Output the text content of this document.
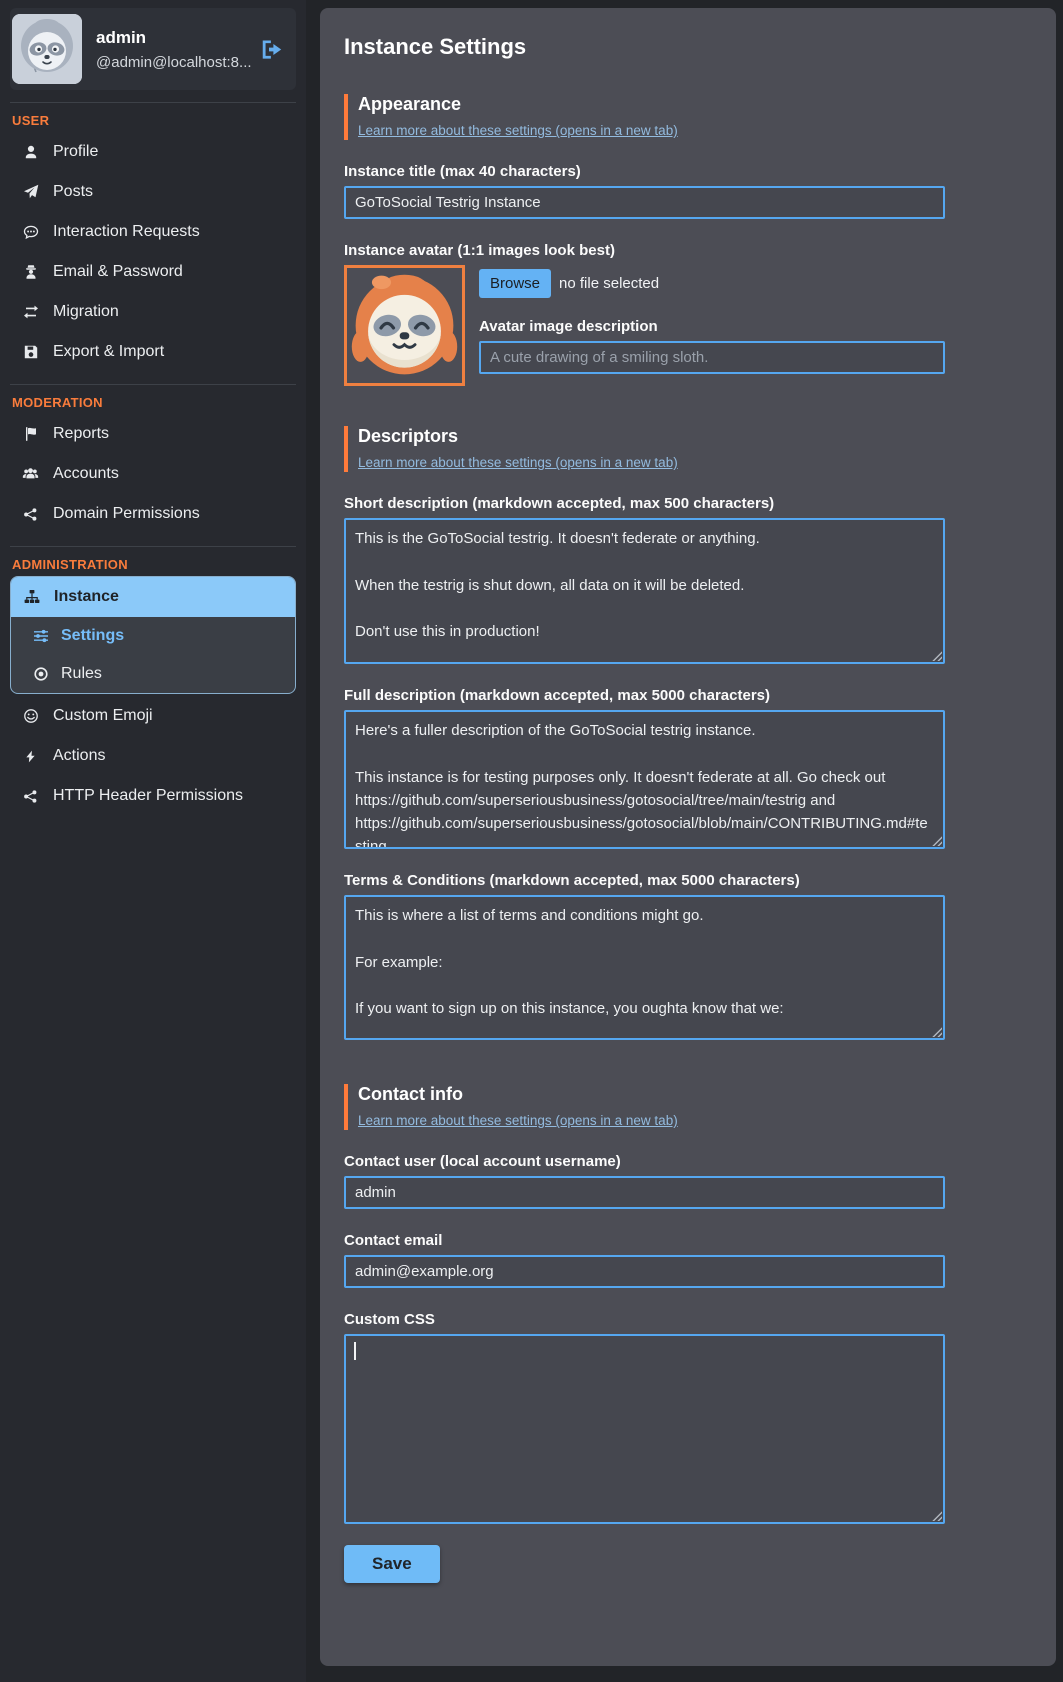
admin
@admin@localhost:8...
USER
Profile
Posts
Interaction Requests
Email & Password
Migration
Export & Import
MODERATION
Reports
Accounts
Domain Permissions
ADMINISTRATION
Instance
Settings
Rules
Custom Emoji
Actions
HTTP Header Permissions
Instance Settings
Appearance
Learn more about these settings (opens in a new tab)
Instance title (max 40 characters)
GoToSocial Testrig Instance
Instance avatar (1:1 images look best)
Browse	no file selected
Avatar image description
A cute drawing of a smiling sloth.
Descriptors
Learn more about these settings (opens in a new tab)
Short description (markdown accepted, max 500 characters)
This is the GoToSocial testrig. It doesn't federate or anything. When the testrig is shut down, all data on it will be deleted. Don't use this in production!
Full description (markdown accepted, max 5000 characters)
Here's a fuller description of the GoToSocial testrig instance. This instance is for testing purposes only. It doesn't federate at all. Go check out https://github.com/superseriousbusiness/gotosocial/tree/main/testrig and https://github.com/superseriousbusiness/gotosocial/blob/main/CONTRIBUTING.md#testing
Terms & Conditions (markdown accepted, max 5000 characters)
This is where a list of terms and conditions might go. For example: If you want to sign up on this instance, you oughta know that we:
Contact info
Learn more about these settings (opens in a new tab)
Contact user (local account username)
admin
Contact email
admin@example.org
Custom CSS
Save
